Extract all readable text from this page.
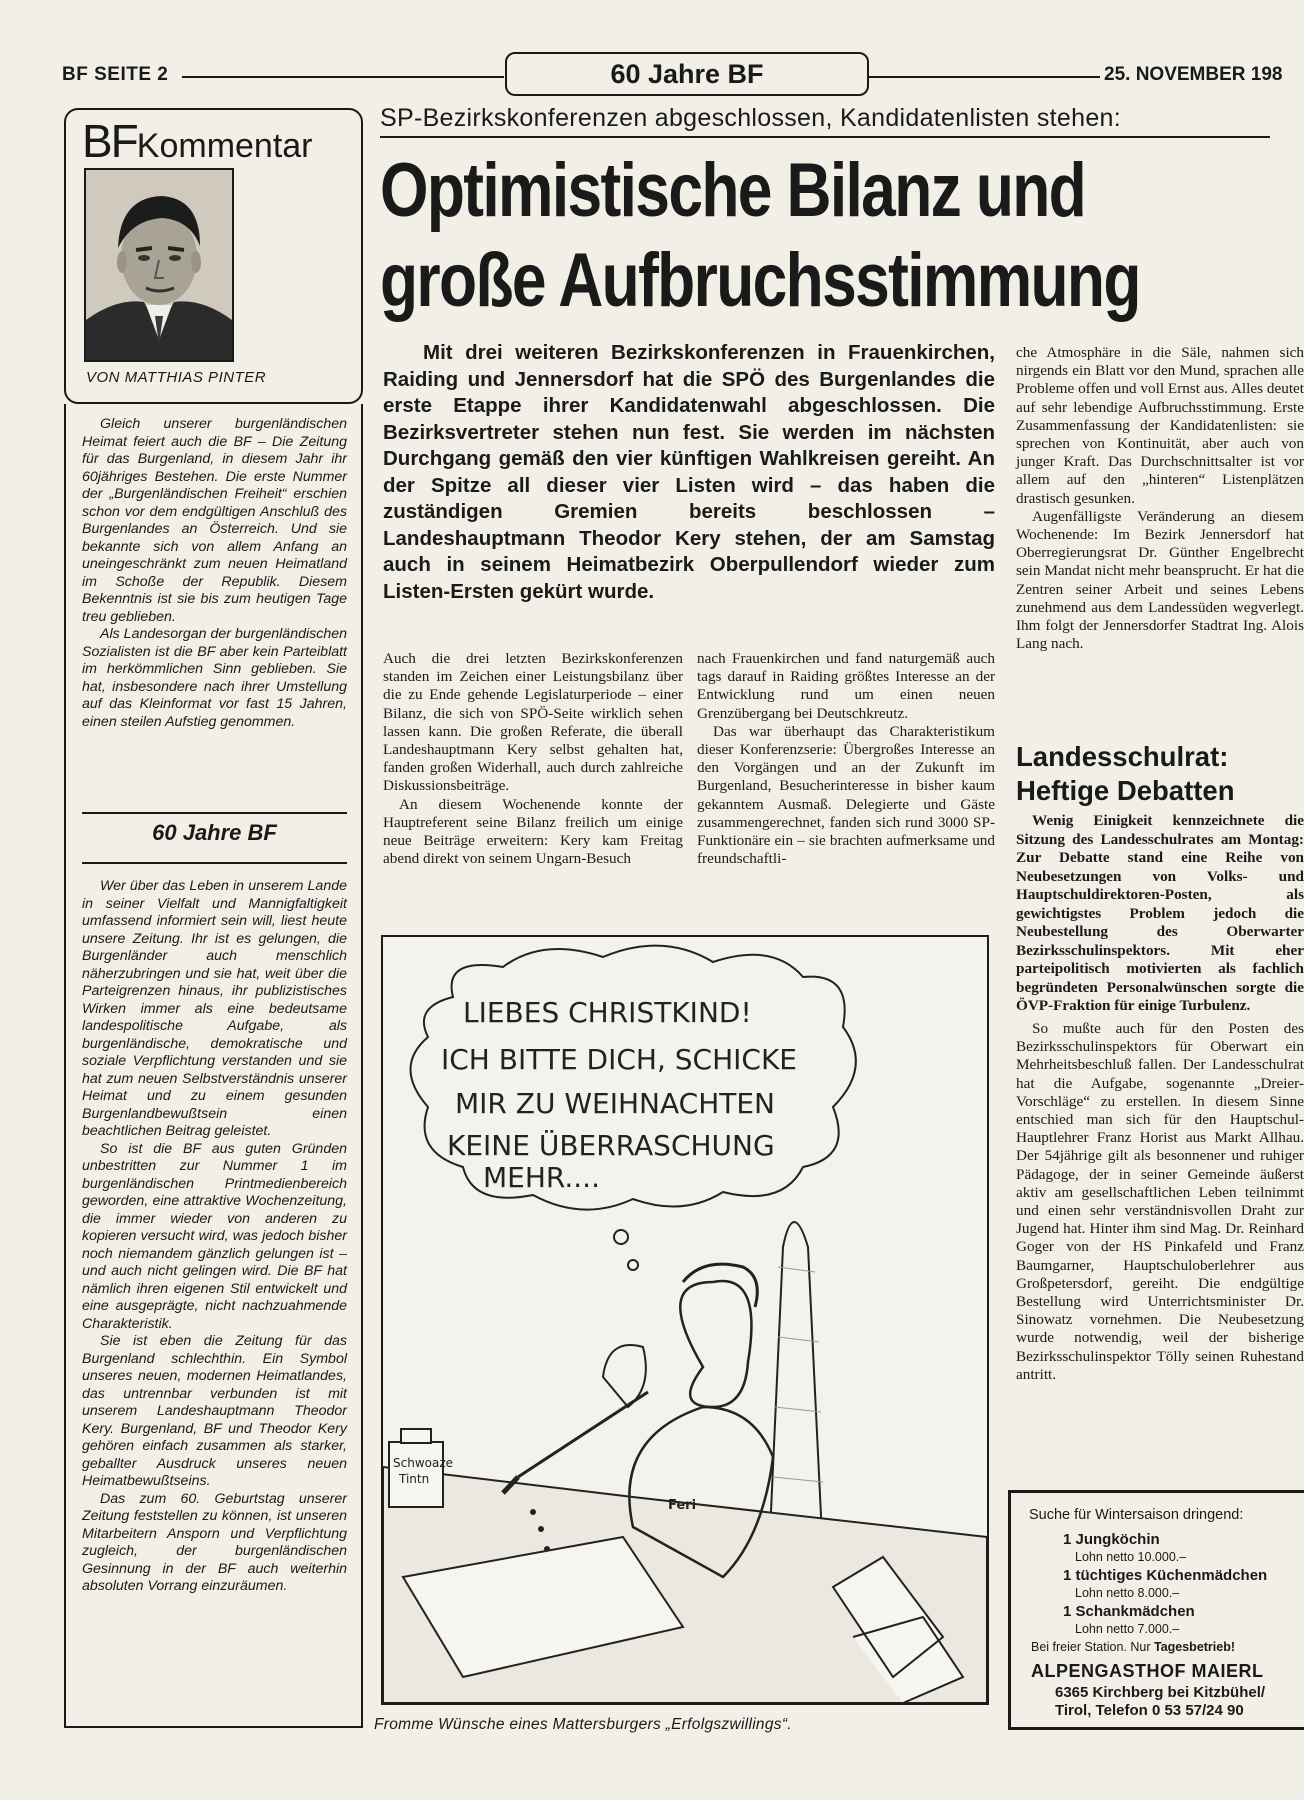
BF SEITE 2	60 Jahre BF	25. NOVEMBER 198
BFKommentar
VON MATTHIAS PINTER

Gleich unserer burgenländischen Heimat feiert auch die BF – Die Zeitung für das Burgenland, in diesem Jahr ihr 60jähriges Bestehen. Die erste Nummer der „Burgenländischen Freiheit“ erschien schon vor dem endgültigen Anschluß des Burgenlandes an Österreich. Und sie bekannte sich von allem Anfang an uneingeschränkt zum neuen Heimatland im Schoße der Republik. Diesem Bekenntnis ist sie bis zum heutigen Tage treu geblieben.

Als Landesorgan der burgenländischen Sozialisten ist die BF aber kein Parteiblatt im herkömmlichen Sinn geblieben. Sie hat, insbesondere nach ihrer Umstellung auf das Kleinformat vor fast 15 Jahren, einen steilen Aufstieg genommen.

60 Jahre BF

Wer über das Leben in unserem Lande in seiner Vielfalt und Mannigfaltigkeit umfassend informiert sein will, liest heute unsere Zeitung. Ihr ist es gelungen, die Burgenländer auch menschlich näherzubringen und sie hat, weit über die Parteigrenzen hinaus, ihr publizistisches Wirken immer als eine bedeutsame landespolitische Aufgabe, als burgenländische, demokratische und soziale Verpflichtung verstanden und sie hat zum neuen Selbstverständnis unserer Heimat und zu einem gesunden Burgenlandbewußtsein einen beachtlichen Beitrag geleistet.

So ist die BF aus guten Gründen unbestritten zur Nummer 1 im burgenländischen Printmedienbereich geworden, eine attraktive Wochenzeitung, die immer wieder von anderen zu kopieren versucht wird, was jedoch bisher noch niemandem gänzlich gelungen ist – und auch nicht gelingen wird. Die BF hat nämlich ihren eigenen Stil entwickelt und eine ausgeprägte, nicht nachzuahmende Charakteristik.

Sie ist eben die Zeitung für das Burgenland schlechthin. Ein Symbol unseres neuen, modernen Heimatlandes, das untrennbar verbunden ist mit unserem Landeshauptmann Theodor Kery. Burgenland, BF und Theodor Kery gehören einfach zusammen als starker, geballter Ausdruck unseres neuen Heimatbewußtseins.

Das zum 60. Geburtstag unserer Zeitung feststellen zu können, ist unseren Mitarbeitern Ansporn und Verpflichtung zugleich, der burgenländischen Gesinnung in der BF auch weiterhin absoluten Vorrang einzuräumen.

SP-Bezirkskonferenzen abgeschlossen, Kandidatenlisten stehen:
Optimistische Bilanz und
große Aufbruchsstimmung

Mit drei weiteren Bezirkskonferenzen in Frauenkirchen, Raiding und Jennersdorf hat die SPÖ des Burgenlandes die erste Etappe ihrer Kandidatenwahl abgeschlossen. Die Bezirksvertreter stehen nun fest. Sie werden im nächsten Durchgang gemäß den vier künftigen Wahlkreisen gereiht. An der Spitze all dieser vier Listen wird – das haben die zuständigen Gremien bereits beschlossen – Landeshauptmann Theodor Kery stehen, der am Samstag auch in seinem Heimatbezirk Oberpullendorf wieder zum Listen-Ersten gekürt wurde.

Auch die drei letzten Bezirkskonferenzen standen im Zeichen einer Leistungsbilanz über die zu Ende gehende Legislaturperiode – einer Bilanz, die sich von SPÖ-Seite wirklich sehen lassen kann. Die großen Referate, die überall Landeshauptmann Kery selbst gehalten hat, fanden großen Widerhall, auch durch zahlreiche Diskussionsbeiträge.

An diesem Wochenende konnte der Hauptreferent seine Bilanz freilich um einige neue Beiträge erweitern: Kery kam Freitag abend direkt von seinem Ungarn-Besuch

nach Frauenkirchen und fand naturgemäß auch tags darauf in Raiding größtes Interesse an der Entwicklung rund um einen neuen Grenzübergang bei Deutschkreutz.

Das war überhaupt das Charakteristikum dieser Konferenzserie: Übergroßes Interesse an den Vorgängen und an der Zukunft im Burgenland, Besucherinteresse in bisher kaum gekanntem Ausmaß. Delegierte und Gäste zusammengerechnet, fanden sich rund 3000 SP-Funktionäre ein – sie brachten aufmerksame und freundschaftli-

che Atmosphäre in die Säle, nahmen sich nirgends ein Blatt vor den Mund, sprachen alle Probleme offen und voll Ernst aus. Alles deutet auf sehr lebendige Aufbruchsstimmung. Erste Zusammenfassung der Kandidatenlisten: sie sprechen von Kontinuität, aber auch von junger Kraft. Das Durchschnittsalter ist vor allem auf den „hinteren“ Listenplätzen drastisch gesunken.

Augenfälligste Veränderung an diesem Wochenende: Im Bezirk Jennersdorf hat Oberregierungsrat Dr. Günther Engelbrecht sein Mandat nicht mehr beansprucht. Er hat die Zentren seiner Arbeit und seines Lebens zunehmend aus dem Landessüden wegverlegt. Ihm folgt der Jennersdorfer Stadtrat Ing. Alois Lang nach.

LIEBES CHRISTKIND!
ICH BITTE DICH, SCHICKE
MIR ZU WEIHNACHTEN
KEINE ÜBERRASCHUNG
MEHR....
Schwoaze
Tintn
Feri
Fromme Wünsche eines Mattersburgers „Erfolgszwillings“.
Landesschulrat:
Heftige Debatten

Wenig Einigkeit kennzeichnete die Sitzung des Landesschulrates am Montag: Zur Debatte stand eine Reihe von Neubesetzungen von Volks- und Hauptschuldirektoren-Posten, als gewichtigstes Problem jedoch die Neubestellung des Oberwarter Bezirksschulinspektors. Mit eher parteipolitisch motivierten als fachlich begründeten Personalwünschen sorgte die ÖVP-Fraktion für einige Turbulenz.

So mußte auch für den Posten des Bezirksschulinspektors für Oberwart ein Mehrheitsbeschluß fallen. Der Landesschulrat hat die Aufgabe, sogenannte „Dreier-Vorschläge“ zu erstellen. In diesem Sinne entschied man sich für den Hauptschul-Hauptlehrer Franz Horist aus Markt Allhau. Der 54jährige gilt als besonnener und ruhiger Pädagoge, der in seiner Gemeinde äußerst aktiv am gesellschaftlichen Leben teilnimmt und einen sehr verständnisvollen Draht zur Jugend hat. Hinter ihm sind Mag. Dr. Reinhard Goger von der HS Pinkafeld und Franz Baumgarner, Hauptschuloberlehrer aus Großpetersdorf, gereiht. Die endgültige Bestellung wird Unterrichtsminister Dr. Sinowatz vornehmen. Die Neubesetzung wurde notwendig, weil der bisherige Bezirksschulinspektor Tölly seinen Ruhestand antritt.

Suche für Wintersaison dringend:
1 Jungköchin
Lohn netto 10.000.–
1 tüchtiges Küchenmädchen
Lohn netto 8.000.–
1 Schankmädchen
Lohn netto 7.000.–
Bei freier Station. Nur Tagesbetrieb!
ALPENGASTHOF MAIERL
6365 Kirchberg bei Kitzbühel/
Tirol, Telefon 0 53 57/24 90
